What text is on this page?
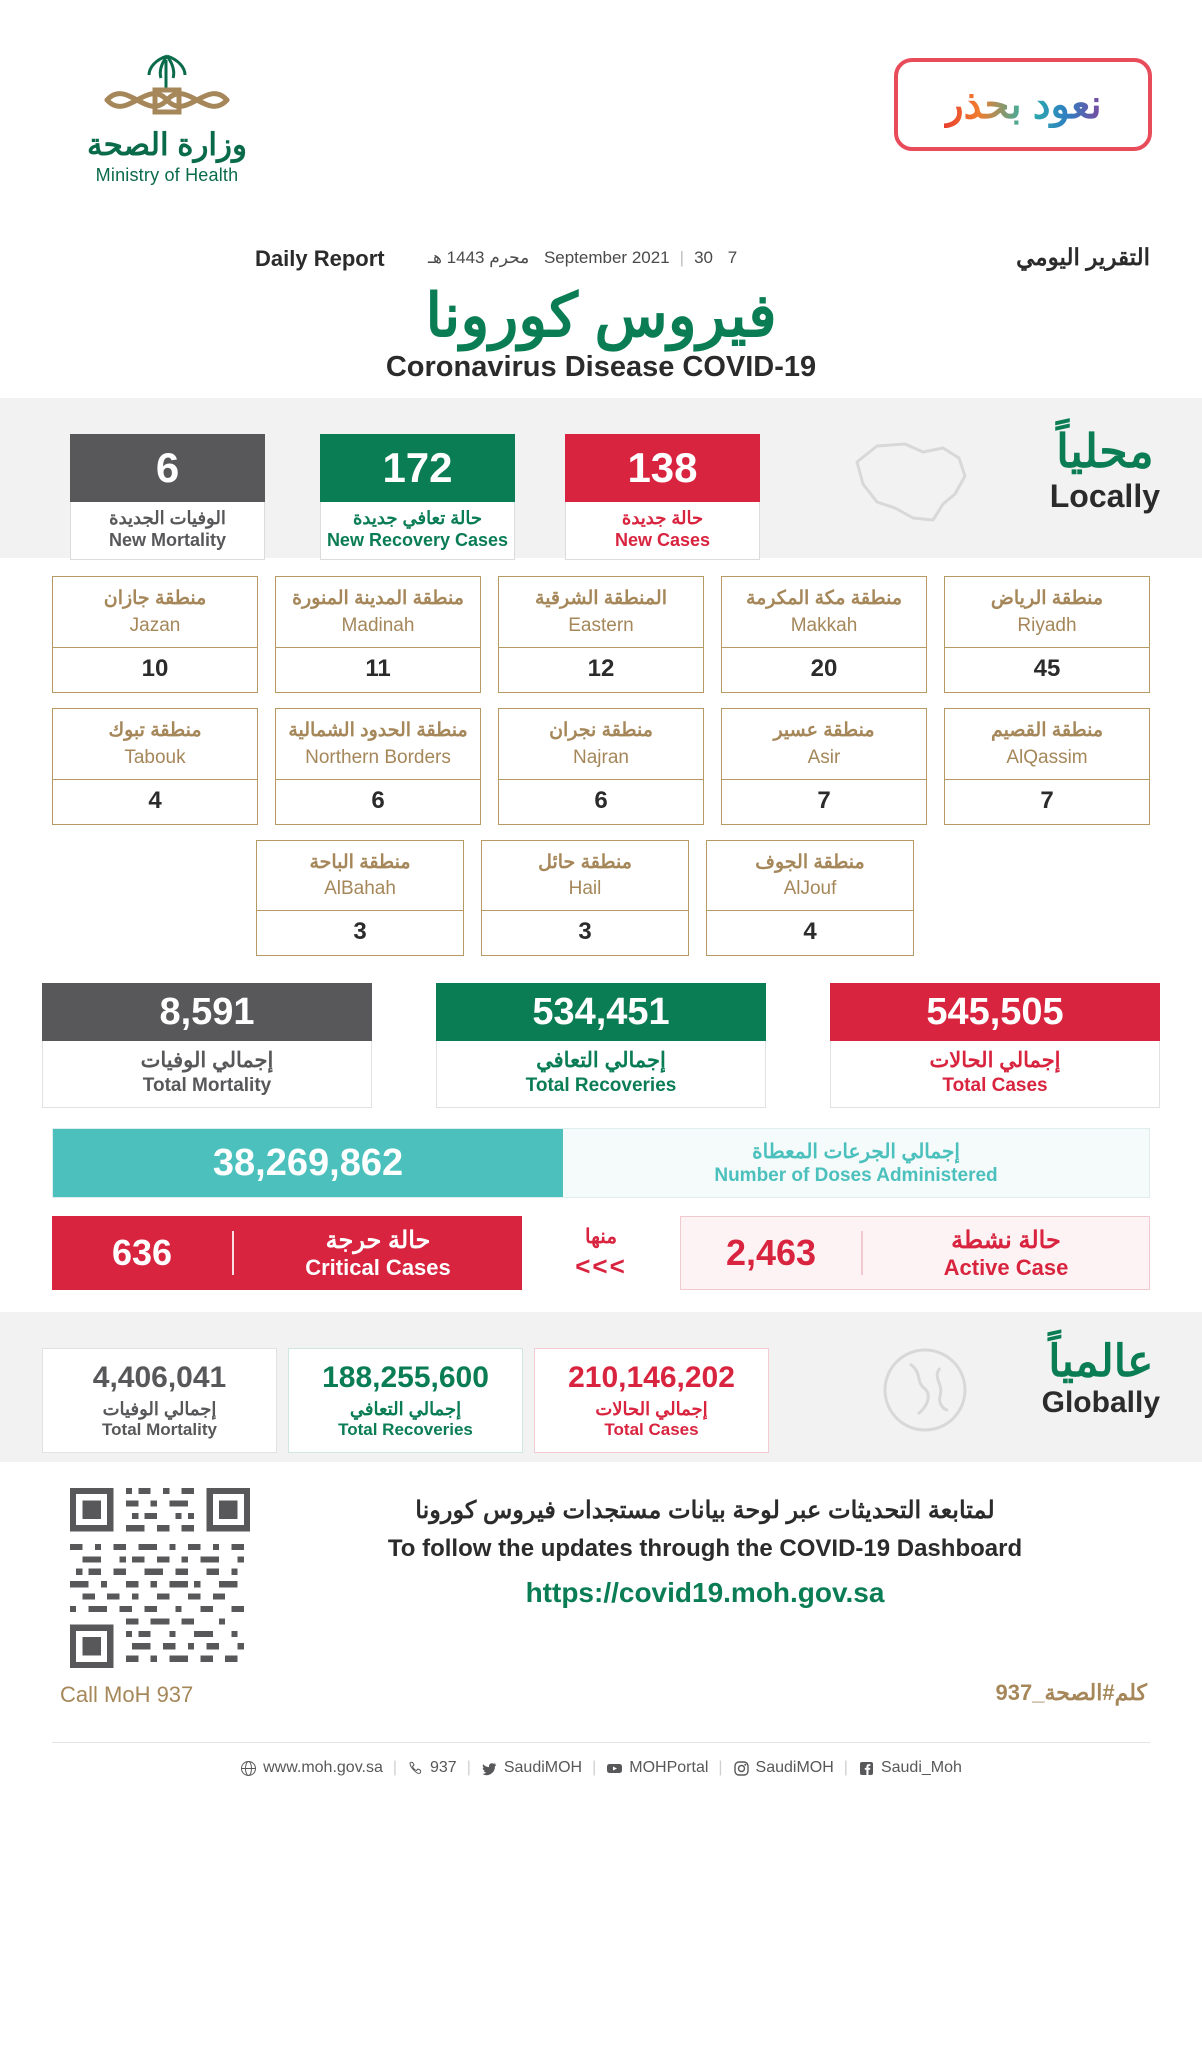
وزارة الصحة
Ministry of Health
نعود بحذر
Daily Report	7 September 2021|30 محرم 1443 هـ	التقرير اليومي
فيروس كورونا
Coronavirus Disease COVID-19
محلياً
Locally
6
الوفيات الجديدة
New Mortality
172
حالة تعافي جديدة
New Recovery Cases
138
حالة جديدة
New Cases
منطقة جازان
Jazan
10
منطقة المدينة المنورة
Madinah
11
المنطقة الشرقية
Eastern
12
منطقة مكة المكرمة
Makkah
20
منطقة الرياض
Riyadh
45
منطقة تبوك
Tabouk
4
منطقة الحدود الشمالية
Northern Borders
6
منطقة نجران
Najran
6
منطقة عسير
Asir
7
منطقة القصيم
AlQassim
7
منطقة الباحة
AlBahah
3
منطقة حائل
Hail
3
منطقة الجوف
AlJouf
4
8,591
إجمالي الوفيات
Total Mortality
534,451
إجمالي التعافي
Total Recoveries
545,505
إجمالي الحالات
Total Cases
38,269,862	إجمالي الجرعات المعطاة
Number of Doses Administered
636	حالة حرجة
Critical Cases
منها
<<<	2,463	حالة نشطة
Active Case
عالمياً
Globally
4,406,041
إجمالي الوفيات
Total Mortality
188,255,600
إجمالي التعافي
Total Recoveries
210,146,202
إجمالي الحالات
Total Cases
لمتابعة التحديثات عبر لوحة بيانات مستجدات فيروس كورونا
To follow the updates through the COVID-19 Dashboard
https://covid19.moh.gov.sa
Call MoH 937	كلم#الصحة_937
www.moh.gov.sa | 937 | SaudiMOH | MOHPortal | SaudiMOH | Saudi_Moh
